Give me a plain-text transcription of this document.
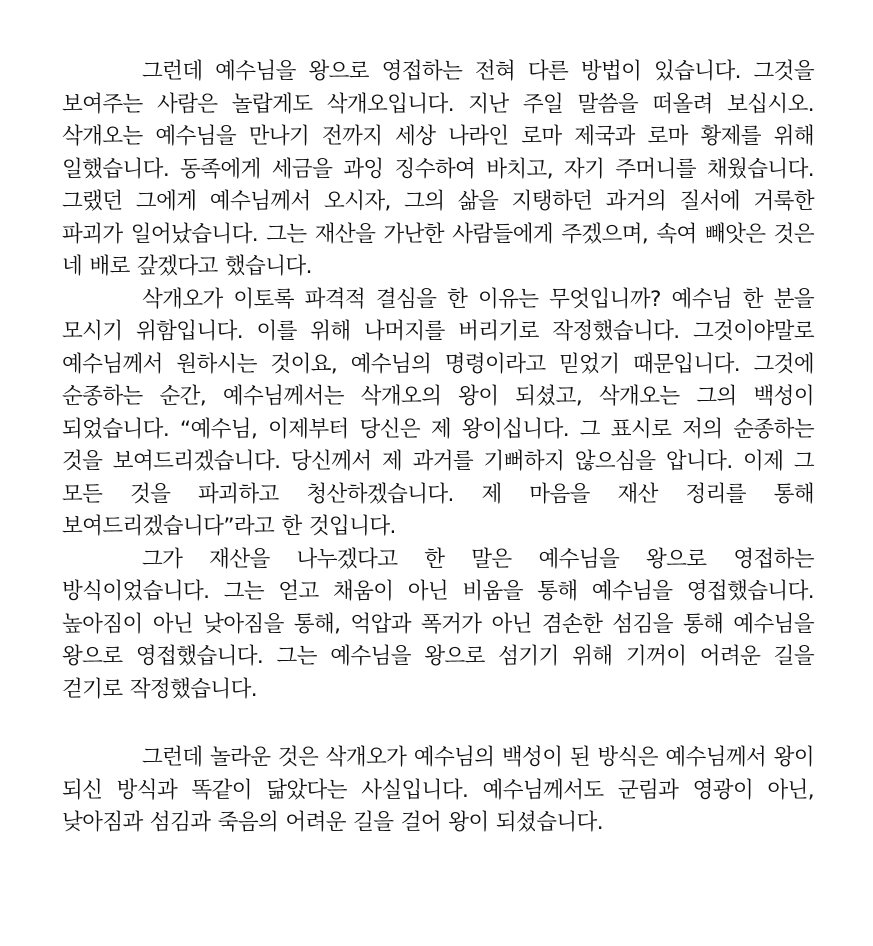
그런데 예수님을 왕으로 영접하는 전혀 다른 방법이 있습니다. 그것을 보여주는 사람은 놀랍게도 삭개오입니다. 지난 주일 말씀을 떠올려 보십시오. 삭개오는 예수님을 만나기 전까지 세상 나라인 로마 제국과 로마 황제를 위해 일했습니다. 동족에게 세금을 과잉 징수하여 바치고, 자기 주머니를 채웠습니다. 그랬던 그에게 예수님께서 오시자, 그의 삶을 지탱하던 과거의 질서에 거룩한 파괴가 일어났습니다. 그는 재산을 가난한 사람들에게 주겠으며, 속여 빼앗은 것은 네 배로 갚겠다고 했습니다.

삭개오가 이토록 파격적 결심을 한 이유는 무엇입니까? 예수님 한 분을 모시기 위함입니다. 이를 위해 나머지를 버리기로 작정했습니다. 그것이야말로 예수님께서 원하시는 것이요, 예수님의 명령이라고 믿었기 때문입니다. 그것에 순종하는 순간, 예수님께서는 삭개오의 왕이 되셨고, 삭개오는 그의 백성이 되었습니다. “예수님, 이제부터 당신은 제 왕이십니다. 그 표시로 저의 순종하는 것을 보여드리겠습니다. 당신께서 제 과거를 기뻐하지 않으심을 압니다. 이제 그 모든 것을 파괴하고 청산하겠습니다. 제 마음을 재산 정리를 통해 보여드리겠습니다”라고 한 것입니다.

그가 재산을 나누겠다고 한 말은 예수님을 왕으로 영접하는 방식이었습니다. 그는 얻고 채움이 아닌 비움을 통해 예수님을 영접했습니다. 높아짐이 아닌 낮아짐을 통해, 억압과 폭거가 아닌 겸손한 섬김을 통해 예수님을 왕으로 영접했습니다. 그는 예수님을 왕으로 섬기기 위해 기꺼이 어려운 길을 걷기로 작정했습니다.

그런데 놀라운 것은 삭개오가 예수님의 백성이 된 방식은 예수님께서 왕이 되신 방식과 똑같이 닮았다는 사실입니다. 예수님께서도 군림과 영광이 아닌, 낮아짐과 섬김과 죽음의 어려운 길을 걸어 왕이 되셨습니다.
